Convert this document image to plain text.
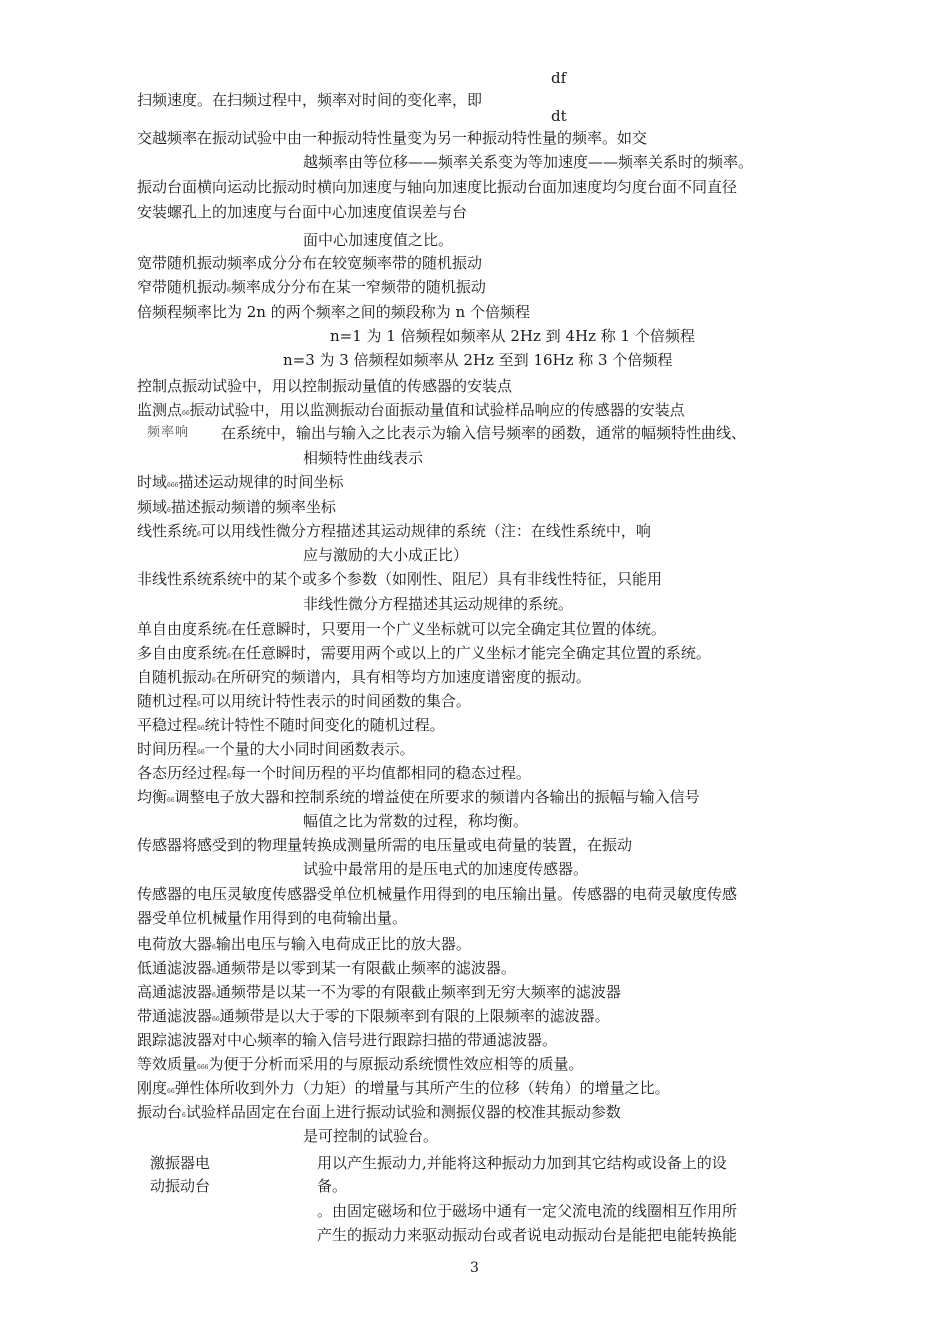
df
扫频速度。在扫频过程中，频率对时间的变化率，即
dt
交越频率在振动试验中由一种振动特性量变为另一种振动特性量的频率。如交
越频率由等位移——频率关系变为等加速度——频率关系时的频率。
振动台面横向运动比振动时横向加速度与轴向加速度比振动台面加速度均匀度台面不同直径
安装螺孔上的加速度与台面中心加速度值误差与台
面中心加速度值之比。
宽带随机振动频率成分分布在较宽频率带的随机振动
窄带随机振动6频率成分分布在某一窄频带的随机振动
倍频程频率比为 2n 的两个频率之间的频段称为 n 个倍频程
n=1 为 1 倍频程如频率从 2Hz 到 4Hz 称 1 个倍频程
n=3 为 3 倍频程如频率从 2Hz 至到 16Hz 称 3 个倍频程
控制点振动试验中，用以控制振动量值的传感器的安装点
监测点66振动试验中，用以监测振动台面振动量值和试验样品响应的传感器的安装点
频率响 在系统中，输出与输入之比表示为输入信号频率的函数，通常的幅频特性曲线、
相频特性曲线表示
时域666描述运动规律的时间坐标
频域6描述振动频谱的频率坐标
线性系统6可以用线性微分方程描述其运动规律的系统（注：在线性系统中，响
应与激励的大小成正比）
非线性系统系统中的某个或多个参数（如刚性、阻尼）具有非线性特征，只能用
非线性微分方程描述其运动规律的系统。
单自由度系统6在任意瞬时，只要用一个广义坐标就可以完全确定其位置的体统。
多自由度系统6在任意瞬时，需要用两个或以上的广义坐标才能完全确定其位置的系统。
自随机振动6在所研究的频谱内，具有相等均方加速度谱密度的振动。
随机过程6可以用统计特性表示的时间函数的集合。
平稳过程66统计特性不随时间变化的随机过程。
时间历程66一个量的大小同时间函数表示。
各态历经过程6每一个时间历程的平均值都相同的稳态过程。
均衡66调整电子放大器和控制系统的增益使在所要求的频谱内各输出的振幅与输入信号
幅值之比为常数的过程，称均衡。
传感器将感受到的物理量转换成测量所需的电压量或电荷量的装置，在振动
试验中最常用的是压电式的加速度传感器。
传感器的电压灵敏度传感器受单位机械量作用得到的电压输出量。传感器的电荷灵敏度传感
器受单位机械量作用得到的电荷输出量。
电荷放大器6输出电压与输入电荷成正比的放大器。
低通滤波器6通频带是以零到某一有限截止频率的滤波器。
高通滤波器6通频带是以某一不为零的有限截止频率到无穷大频率的滤波器
带通滤波器66通频带是以大于零的下限频率到有限的上限频率的滤波器。
跟踪滤波器对中心频率的输入信号进行跟踪扫描的带通滤波器。
等效质量666为便于分析而采用的与原振动系统惯性效应相等的质量。
刚度66弹性体所收到外力（力矩）的增量与其所产生的位移（转角）的增量之比。
振动台6试验样品固定在台面上进行振动试验和测振仪器的校准其振动参数
是可控制的试验台。
激振器电
动振动台
用以产生振动力,并能将这种振动力加到其它结构或设备上的设
备。
。由固定磁场和位于磁场中通有一定父流电流的线圈相互作用所
产生的振动力来驱动振动台或者说电动振动台是能把电能转换能
3
